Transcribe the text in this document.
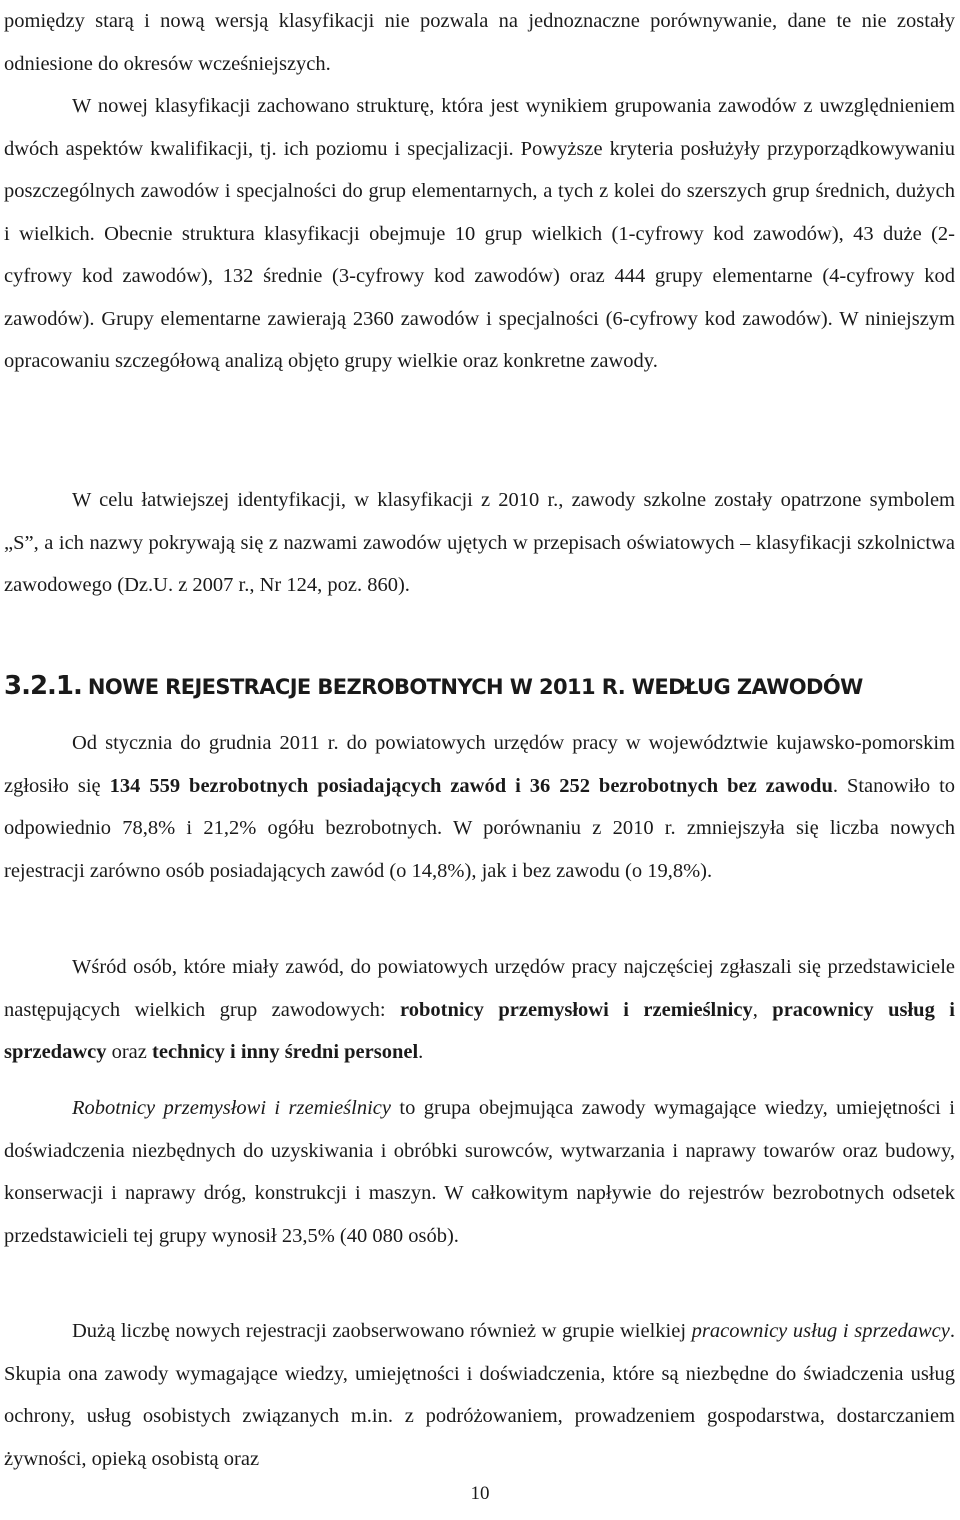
pomiędzy starą i nową wersją klasyfikacji nie pozwala na jednoznaczne porównywanie, dane te nie zostały odniesione do okresów wcześniejszych.

W nowej klasyfikacji zachowano strukturę, która jest wynikiem grupowania zawodów z uwzględnieniem dwóch aspektów kwalifikacji, tj. ich poziomu i specjalizacji. Powyższe kryteria posłużyły przyporządkowywaniu poszczególnych zawodów i specjalności do grup elementarnych, a tych z kolei do szerszych grup średnich, dużych i wielkich. Obecnie struktura klasyfikacji obejmuje 10 grup wielkich (1-cyfrowy kod zawodów), 43 duże (2-cyfrowy kod zawodów), 132 średnie (3-cyfrowy kod zawodów) oraz 444 grupy elementarne (4-cyfrowy kod zawodów). Grupy elementarne zawierają 2360 zawodów i specjalności (6-cyfrowy kod zawodów). W niniejszym opracowaniu szczegółową analizą objęto grupy wielkie oraz konkretne zawody.

W celu łatwiejszej identyfikacji, w klasyfikacji z 2010 r., zawody szkolne zostały opatrzone symbolem „S”, a ich nazwy pokrywają się z nazwami zawodów ujętych w przepisach oświatowych – klasyfikacji szkolnictwa zawodowego (Dz.U. z 2007 r., Nr 124, poz. 860).

3.2.1. NOWE REJESTRACJE BEZROBOTNYCH W 2011 R. WEDŁUG ZAWODÓW

Od stycznia do grudnia 2011 r. do powiatowych urzędów pracy w województwie kujawsko-pomorskim zgłosiło się 134 559 bezrobotnych posiadających zawód i 36 252 bezrobotnych bez zawodu. Stanowiło to odpowiednio 78,8% i 21,2% ogółu bezrobotnych. W porównaniu z 2010 r. zmniejszyła się liczba nowych rejestracji zarówno osób posiadających zawód (o 14,8%), jak i bez zawodu (o 19,8%).

Wśród osób, które miały zawód, do powiatowych urzędów pracy najczęściej zgłaszali się przedstawiciele następujących wielkich grup zawodowych: robotnicy przemysłowi i rzemieślnicy, pracownicy usług i sprzedawcy oraz technicy i inny średni personel.

Robotnicy przemysłowi i rzemieślnicy to grupa obejmująca zawody wymagające wiedzy, umiejętności i doświadczenia niezbędnych do uzyskiwania i obróbki surowców, wytwarzania i naprawy towarów oraz budowy, konserwacji i naprawy dróg, konstrukcji i maszyn. W całkowitym napływie do rejestrów bezrobotnych odsetek przedstawicieli tej grupy wynosił 23,5% (40 080 osób).

Dużą liczbę nowych rejestracji zaobserwowano również w grupie wielkiej pracownicy usług i sprzedawcy. Skupia ona zawody wymagające wiedzy, umiejętności i doświadczenia, które są niezbędne do świadczenia usług ochrony, usług osobistych związanych m.in. z podróżowaniem, prowadzeniem gospodarstwa, dostarczaniem żywności, opieką osobistą oraz

10
